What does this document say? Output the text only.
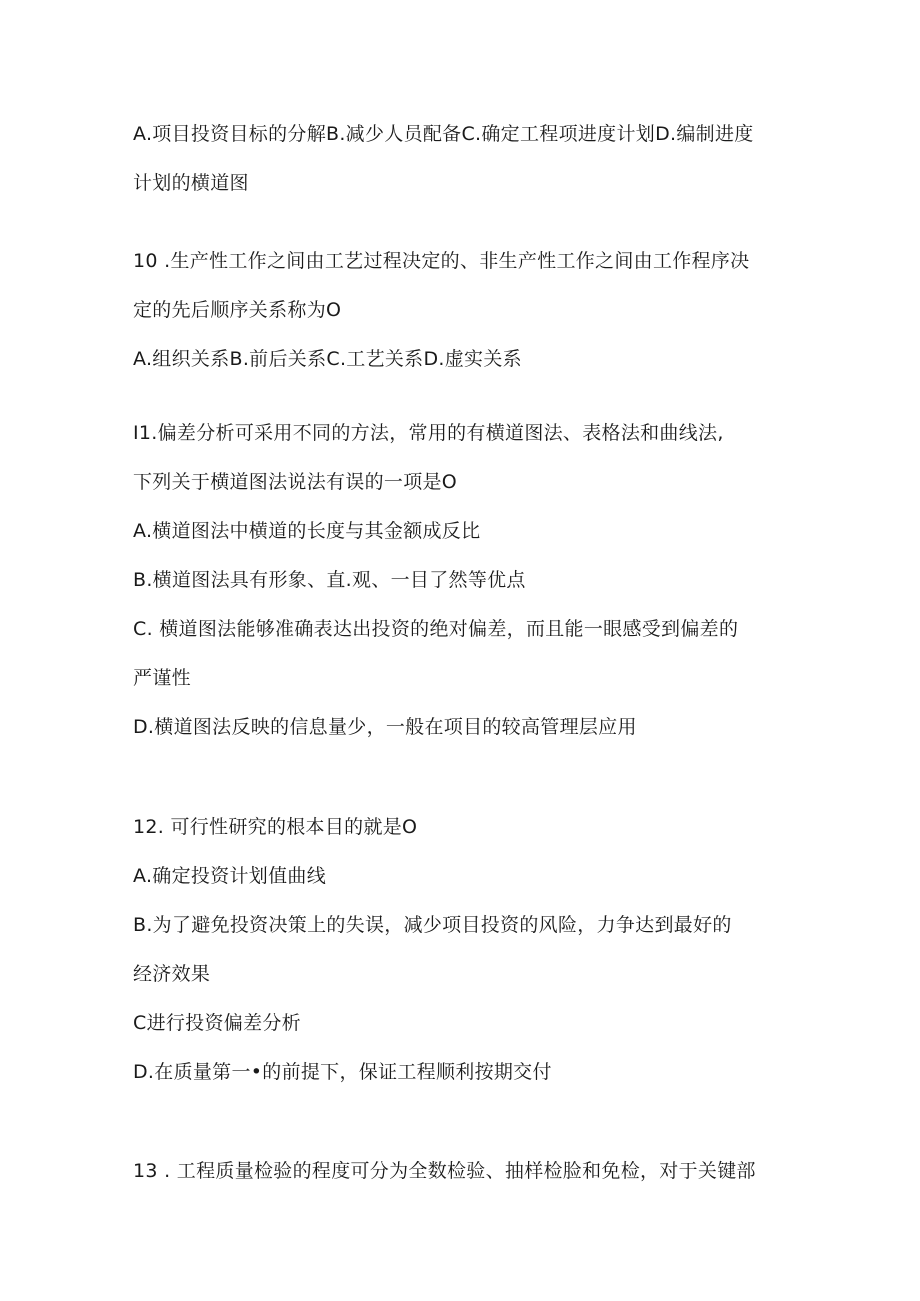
A.项目投资目标的分解B.减少人员配备C.确定工程项进度计划D.编制进度
计划的横道图
10 .生产性工作之间由工艺过程决定的、非生产性工作之间由工作程序决
定的先后顺序关系称为O
A.组织关系B.前后关系C.工艺关系D.虚实关系
I1.偏差分析可采用不同的方法，常用的有横道图法、表格法和曲线法,
下列关于横道图法说法有误的一项是O
A.横道图法中横道的长度与其金额成反比
B.横道图法具有形象、直.观、一目了然等优点
C. 横道图法能够准确表达出投资的绝对偏差，而且能一眼感受到偏差的
严谨性
D.横道图法反映的信息量少，一般在项目的较高管理层应用
12. 可行性研究的根本目的就是O
A.确定投资计划值曲线
B.为了避免投资决策上的失误，减少项目投资的风险，力争达到最好的
经济效果
C进行投资偏差分析
D.在质量第一•的前提下，保证工程顺利按期交付
13 . 工程质量检验的程度可分为全数检验、抽样检脸和免检，对于关键部
